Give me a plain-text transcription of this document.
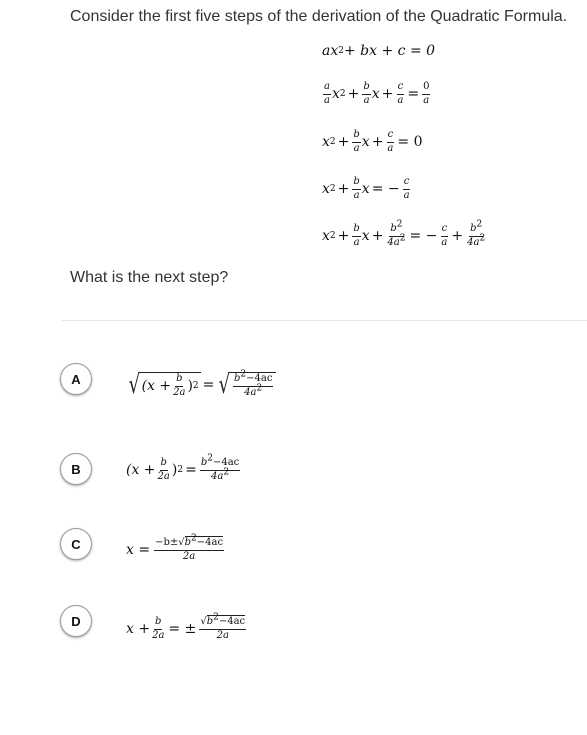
Consider the first five steps of the derivation of the Quadratic Formula.
ax 2 + bx + c = 0
$\frac{a}{a}$ x $2 + \frac{b}{a}$ $x + \frac{c}{a} = \frac{0}{a}$
x $2 + \frac{b}{a}$ $x + \frac{c}{a} = 0$
x $2 + \frac{b}{a}$ x = − $\frac{c}{a}$
x $2 + \frac{b}{a}$ $x + \frac{b^2}{4a^2}$ = − $\frac{c}{a} + \frac{b^2}{4a^2}$
What is the next step?
A	√ ($x + \frac{b}{2a}$ ) 2 = √ $\frac{b^2-4ac}{4a^2}$
B	($x + \frac{b}{2a}$ ) $2 = \frac{b^2-4ac}{4a^2}$
C	$x = \frac{-b\pm√b^2-4ac}{2a}$
D	$x + \frac{b}{2a}$ = ± $\frac{√b^2-4ac}{2a}$
